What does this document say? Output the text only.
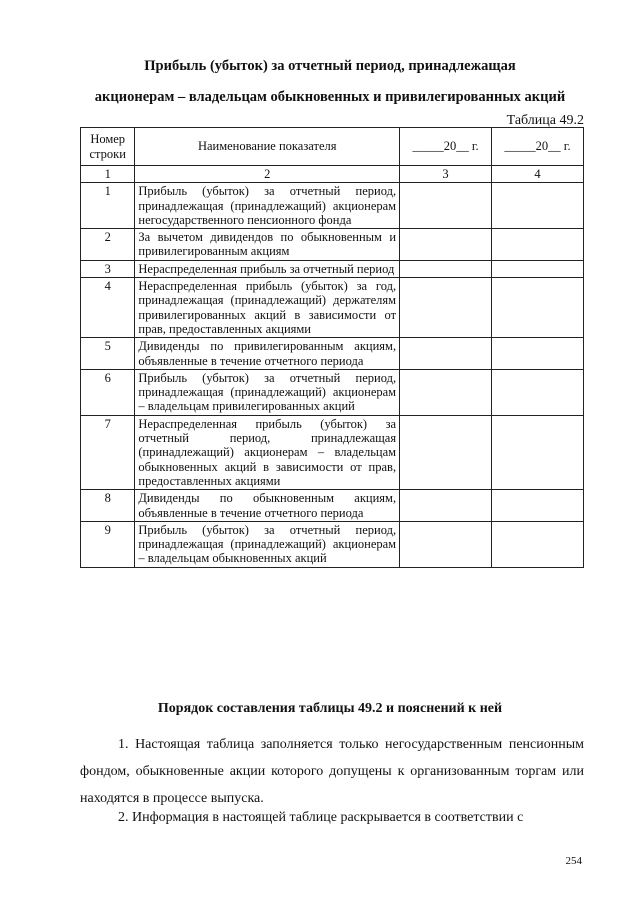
Прибыль (убыток) за отчетный период, принадлежащая
акционерам – владельцам обыкновенных и привилегированных акций
Таблица 49.2
Номер строки	Наименование показателя	_____20__ г.	_____20__ г.
1	2	3	4
1	Прибыль (убыток) за отчетный период, принадлежащая (принадлежащий) акционерам негосударственного пенсионного фонда		
2	За вычетом дивидендов по обыкновенным и привилегированным акциям		
3	Нераспределенная прибыль за отчетный период		
4	Нераспределенная прибыль (убыток) за год, принадлежащая (принадлежащий) держателям привилегированных акций в зависимости от прав, предоставленных акциями		
5	Дивиденды по привилегированным акциям, объявленные в течение отчетного периода		
6	Прибыль (убыток) за отчетный период, принадлежащая (принадлежащий) акционерам – владельцам привилегированных акций		
7	Нераспределенная прибыль (убыток) за отчетный период, принадлежащая (принадлежащий) акционерам – владельцам обыкновенных акций в зависимости от прав, предоставленных акциями		
8	Дивиденды по обыкновенным акциям, объявленные в течение отчетного периода		
9	Прибыль (убыток) за отчетный период, принадлежащая (принадлежащий) акционерам – владельцам обыкновенных акций		
Порядок составления таблицы 49.2 и пояснений к ней
1. Настоящая таблица заполняется только негосударственным пенсионным фондом, обыкновенные акции которого допущены к организованным торгам или находятся в процессе выпуска.
2. Информация в настоящей таблице раскрывается в соответствии с
254
